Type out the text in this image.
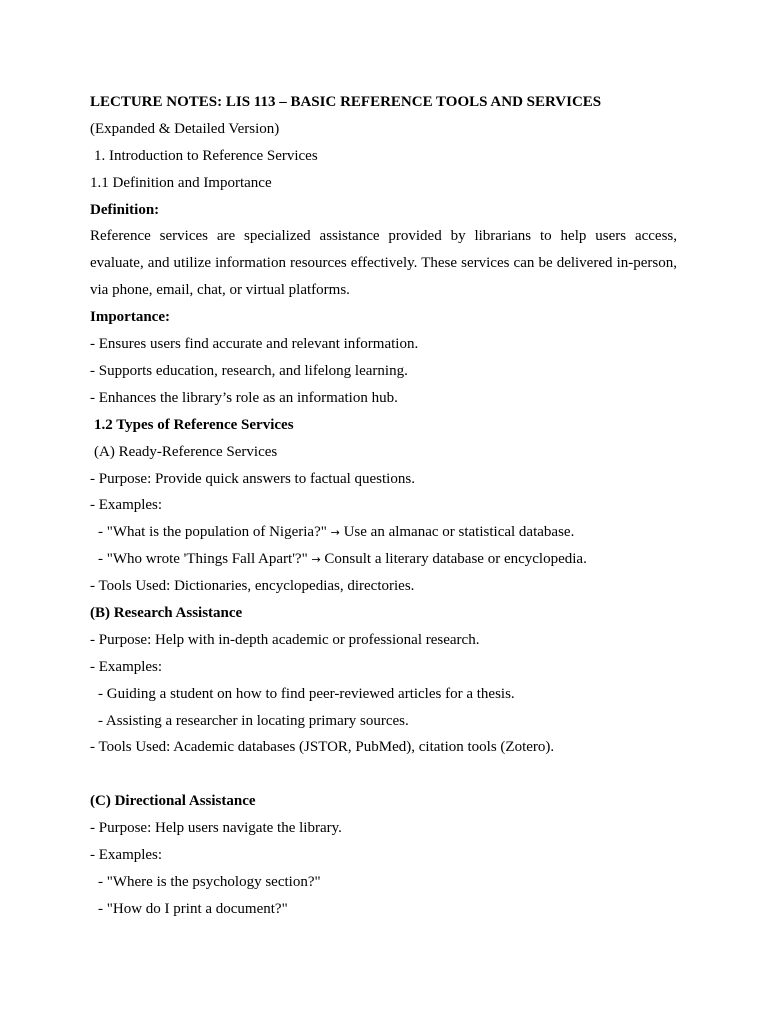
LECTURE NOTES: LIS 113 – BASIC REFERENCE TOOLS AND SERVICES
(Expanded & Detailed Version)
1. Introduction to Reference Services
1.1 Definition and Importance
Definition:
Reference services are specialized assistance provided by librarians to help users access, evaluate, and utilize information resources effectively. These services can be delivered in-person, via phone, email, chat, or virtual platforms.
Importance:
- Ensures users find accurate and relevant information.
- Supports education, research, and lifelong learning.
- Enhances the library’s role as an information hub.
1.2 Types of Reference Services
(A) Ready-Reference Services
- Purpose: Provide quick answers to factual questions.
- Examples:
- "What is the population of Nigeria?" → Use an almanac or statistical database.
- "Who wrote 'Things Fall Apart'?" → Consult a literary database or encyclopedia.
- Tools Used: Dictionaries, encyclopedias, directories.
(B) Research Assistance
- Purpose: Help with in-depth academic or professional research.
- Examples:
- Guiding a student on how to find peer-reviewed articles for a thesis.
- Assisting a researcher in locating primary sources.
- Tools Used: Academic databases (JSTOR, PubMed), citation tools (Zotero).
(C) Directional Assistance
- Purpose: Help users navigate the library.
- Examples:
- "Where is the psychology section?"
- "How do I print a document?"
